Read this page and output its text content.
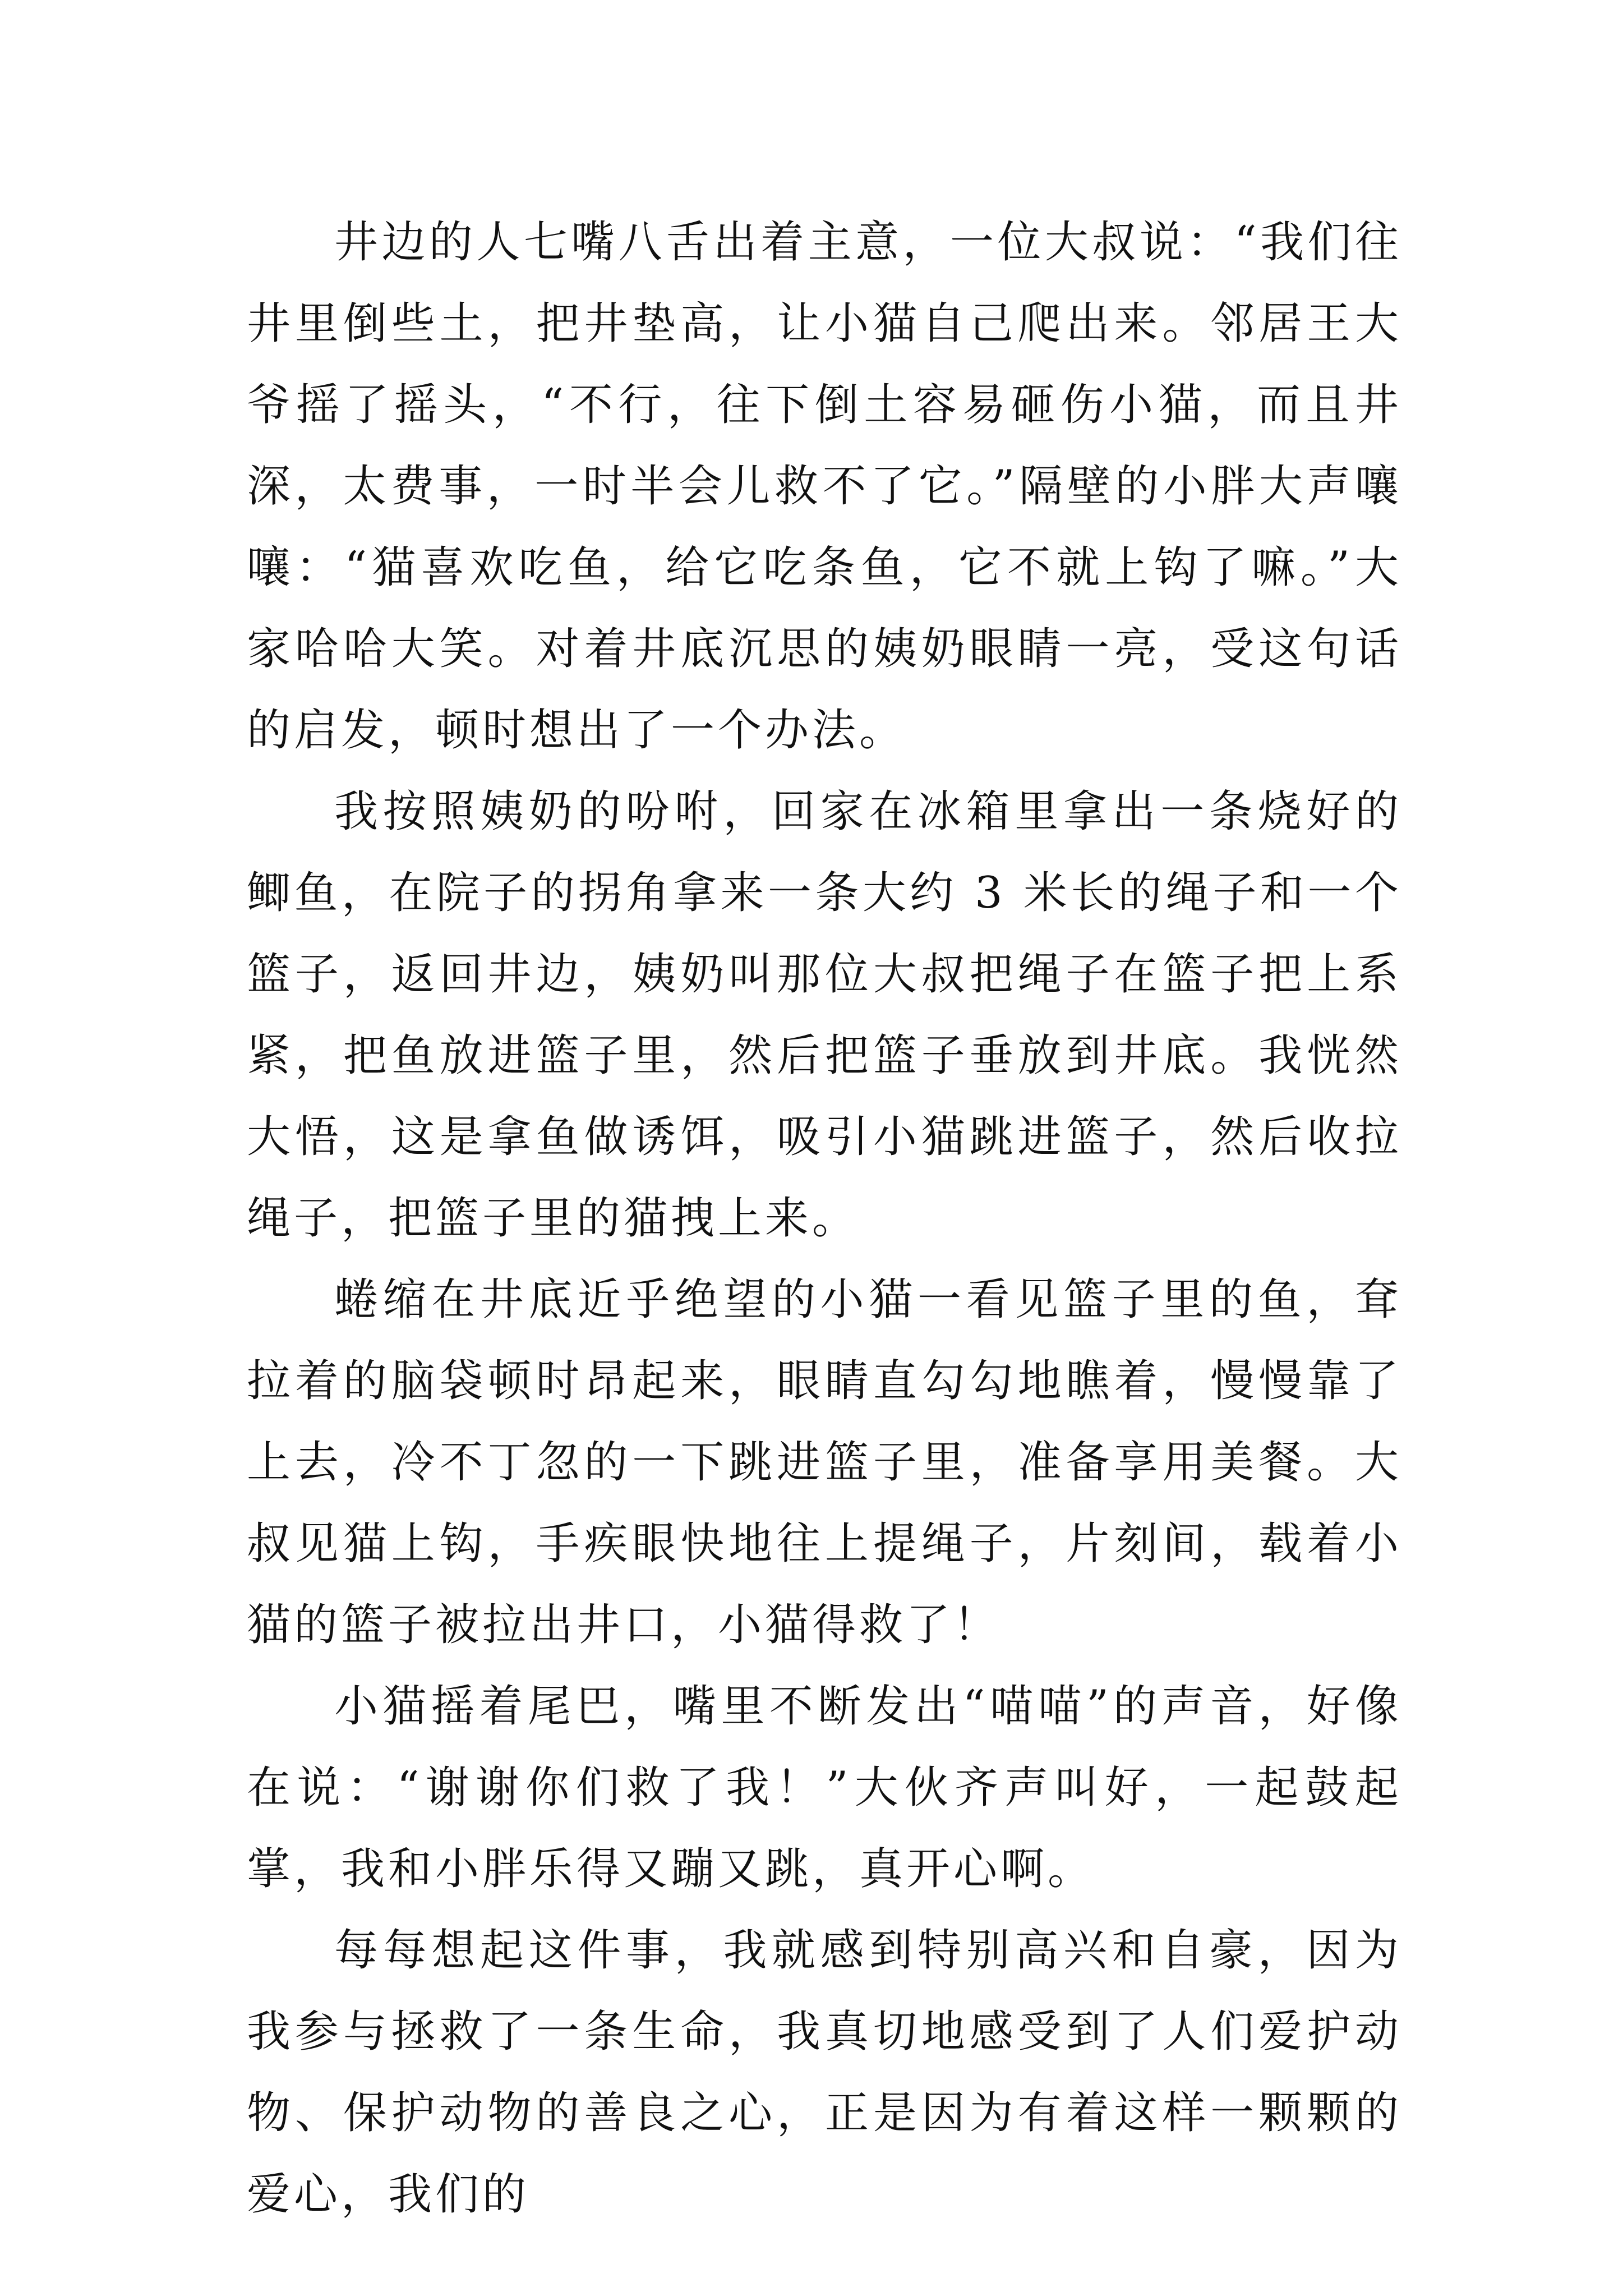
井边的人七嘴八舌出着主意，一位大叔说：“我们往井里倒些土，把井垫高，让小猫自己爬出来。邻居王大爷摇了摇头，“不行，往下倒土容易砸伤小猫，而且井深，太费事，一时半会儿救不了它。”隔壁的小胖大声嚷嚷：“猫喜欢吃鱼，给它吃条鱼，它不就上钩了嘛。”大家哈哈大笑。对着井底沉思的姨奶眼睛一亮，受这句话的启发，顿时想出了一个办法。

我按照姨奶的吩咐，回家在冰箱里拿出一条烧好的鲫鱼，在院子的拐角拿来一条大约 3 米长的绳子和一个篮子，返回井边，姨奶叫那位大叔把绳子在篮子把上系紧，把鱼放进篮子里，然后把篮子垂放到井底。我恍然大悟，这是拿鱼做诱饵，吸引小猫跳进篮子，然后收拉绳子，把篮子里的猫拽上来。

蜷缩在井底近乎绝望的小猫一看见篮子里的鱼，耷拉着的脑袋顿时昂起来，眼睛直勾勾地瞧着，慢慢靠了上去，冷不丁忽的一下跳进篮子里，准备享用美餐。大叔见猫上钩，手疾眼快地往上提绳子，片刻间，载着小猫的篮子被拉出井口，小猫得救了！

小猫摇着尾巴，嘴里不断发出“喵喵”的声音，好像在说：“谢谢你们救了我！”大伙齐声叫好，一起鼓起掌，我和小胖乐得又蹦又跳，真开心啊。

每每想起这件事，我就感到特别高兴和自豪，因为我参与拯救了一条生命，我真切地感受到了人们爱护动物、保护动物的善良之心，正是因为有着这样一颗颗的爱心，我们的
